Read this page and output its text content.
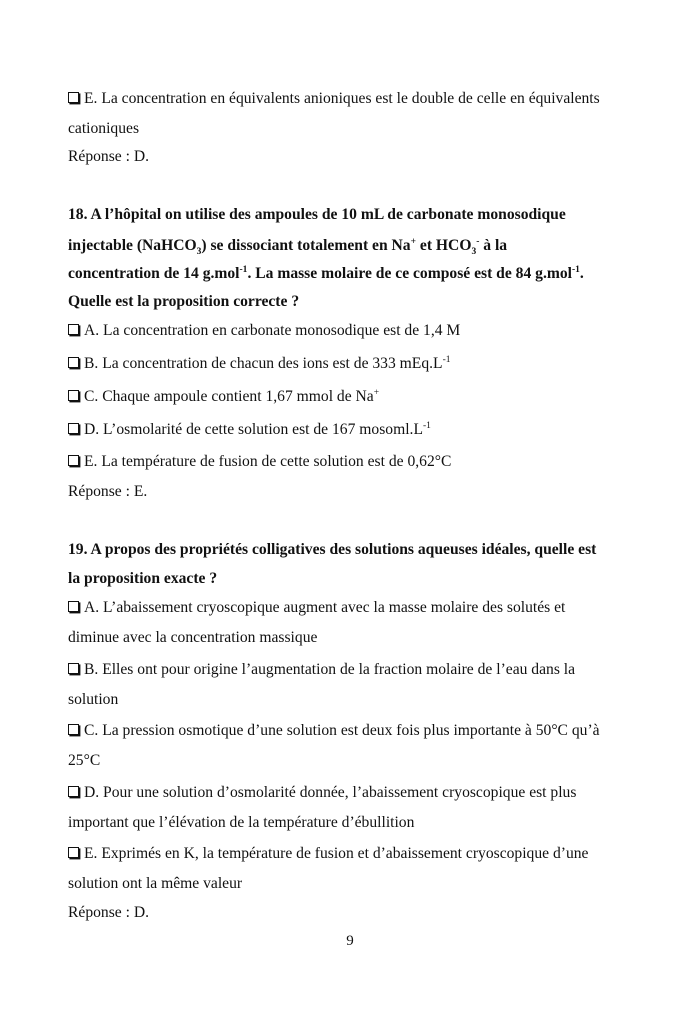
E. La concentration en équivalents anioniques est le double de celle en équivalents
cationiques
Réponse : D.
18. A l’hôpital on utilise des ampoules de 10 mL de carbonate monosodique
injectable (NaHCO$_3$) se dissociant totalement en Na+ et $HCO_3^-$ à la
concentration de 14 g.mol$^{-1}$. La masse molaire de ce composé est de 84 g.mol$^{-1}$.
Quelle est la proposition correcte ?
A. La concentration en carbonate monosodique est de 1,4 M
B. La concentration de chacun des ions est de 333 $mEq.L^{-1}$
C. Chaque ampoule contient 1,67 mmol de Na+
D. L’osmolarité de cette solution est de 167 $mosoml.L^{-1}$
E. La température de fusion de cette solution est de 0,62°C
Réponse : E.
19. A propos des propriétés colligatives des solutions aqueuses idéales, quelle est
la proposition exacte ?
A. L’abaissement cryoscopique augment avec la masse molaire des solutés et
diminue avec la concentration massique
B. Elles ont pour origine l’augmentation de la fraction molaire de l’eau dans la
solution
C. La pression osmotique d’une solution est deux fois plus importante à 50°C qu’à
25°C
D. Pour une solution d’osmolarité donnée, l’abaissement cryoscopique est plus
important que l’élévation de la température d’ébullition
E. Exprimés en K, la température de fusion et d’abaissement cryoscopique d’une
solution ont la même valeur
Réponse : D.
9
